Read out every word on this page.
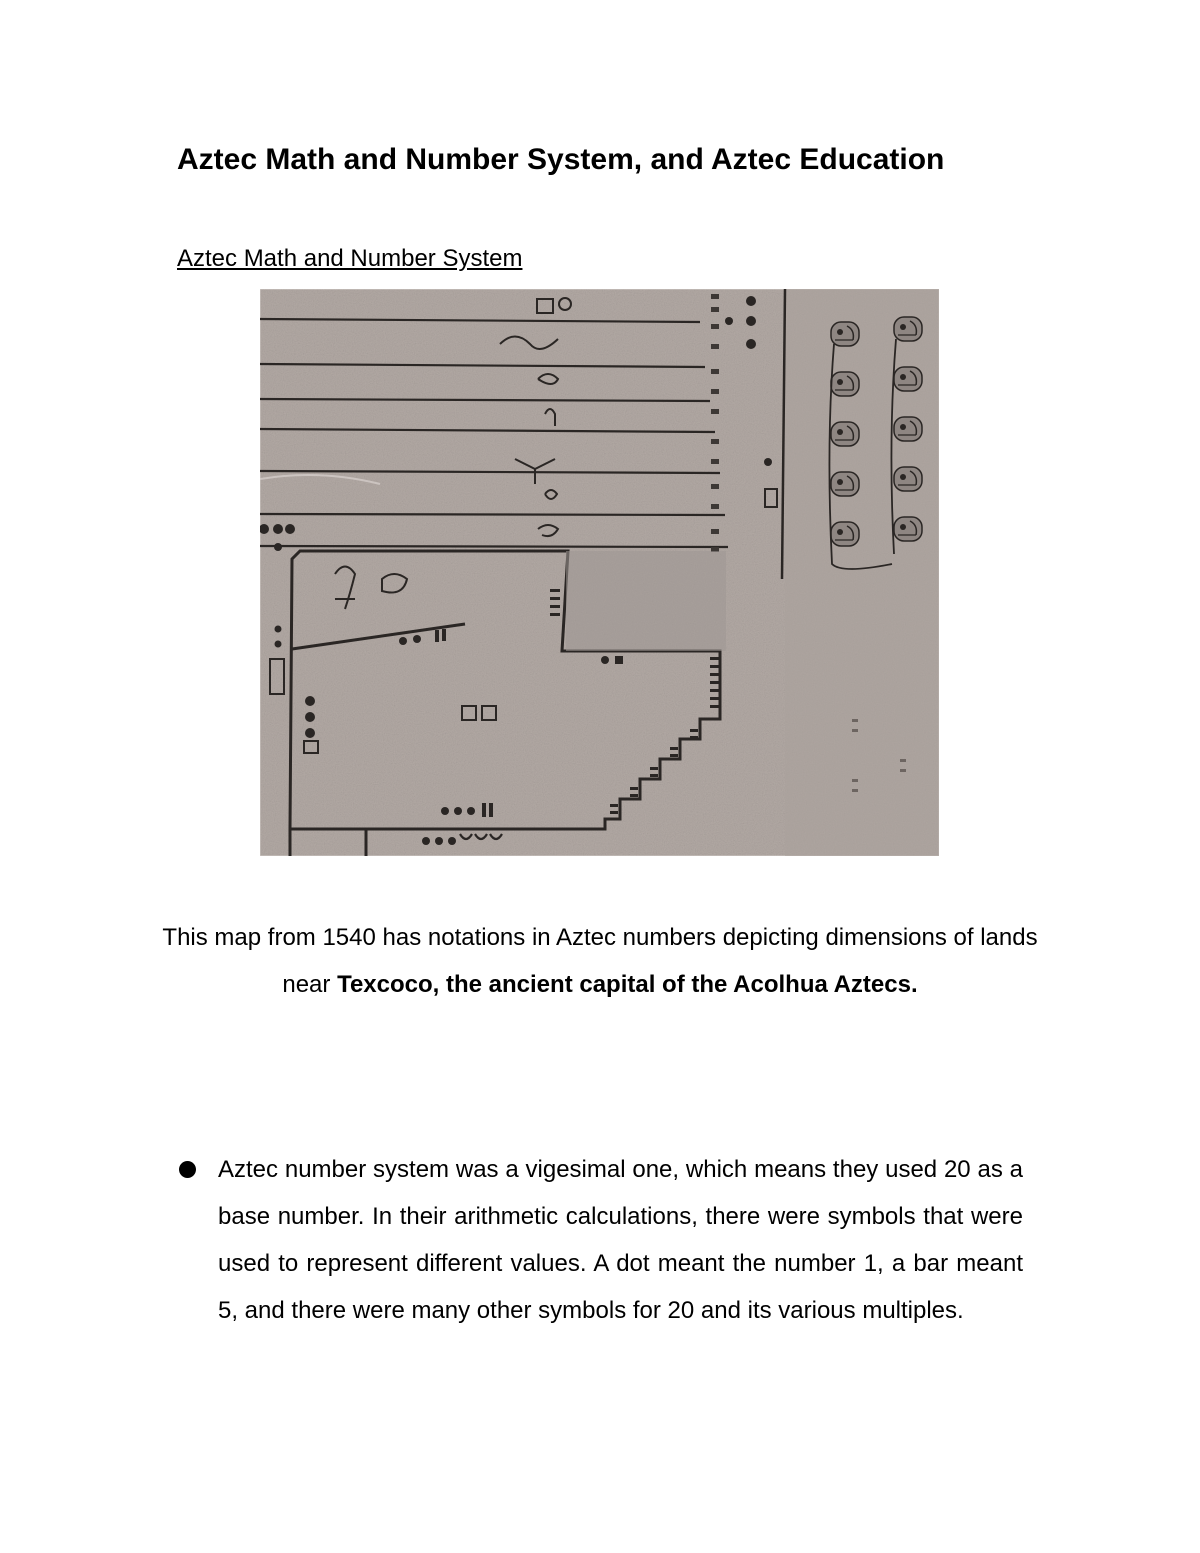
Aztec Math and Number System, and Aztec Education
Aztec Math and Number System

This map from 1540 has notations in Aztec numbers depicting dimensions of lands near Texcoco, the ancient capital of the Acolhua Aztecs.

Aztec number system was a vigesimal one, which means they used 20 as a base number. In their arithmetic calculations, there were symbols that were used to represent different values. A dot meant the number 1, a bar meant 5, and there were many other symbols for 20 and its various multiples.
